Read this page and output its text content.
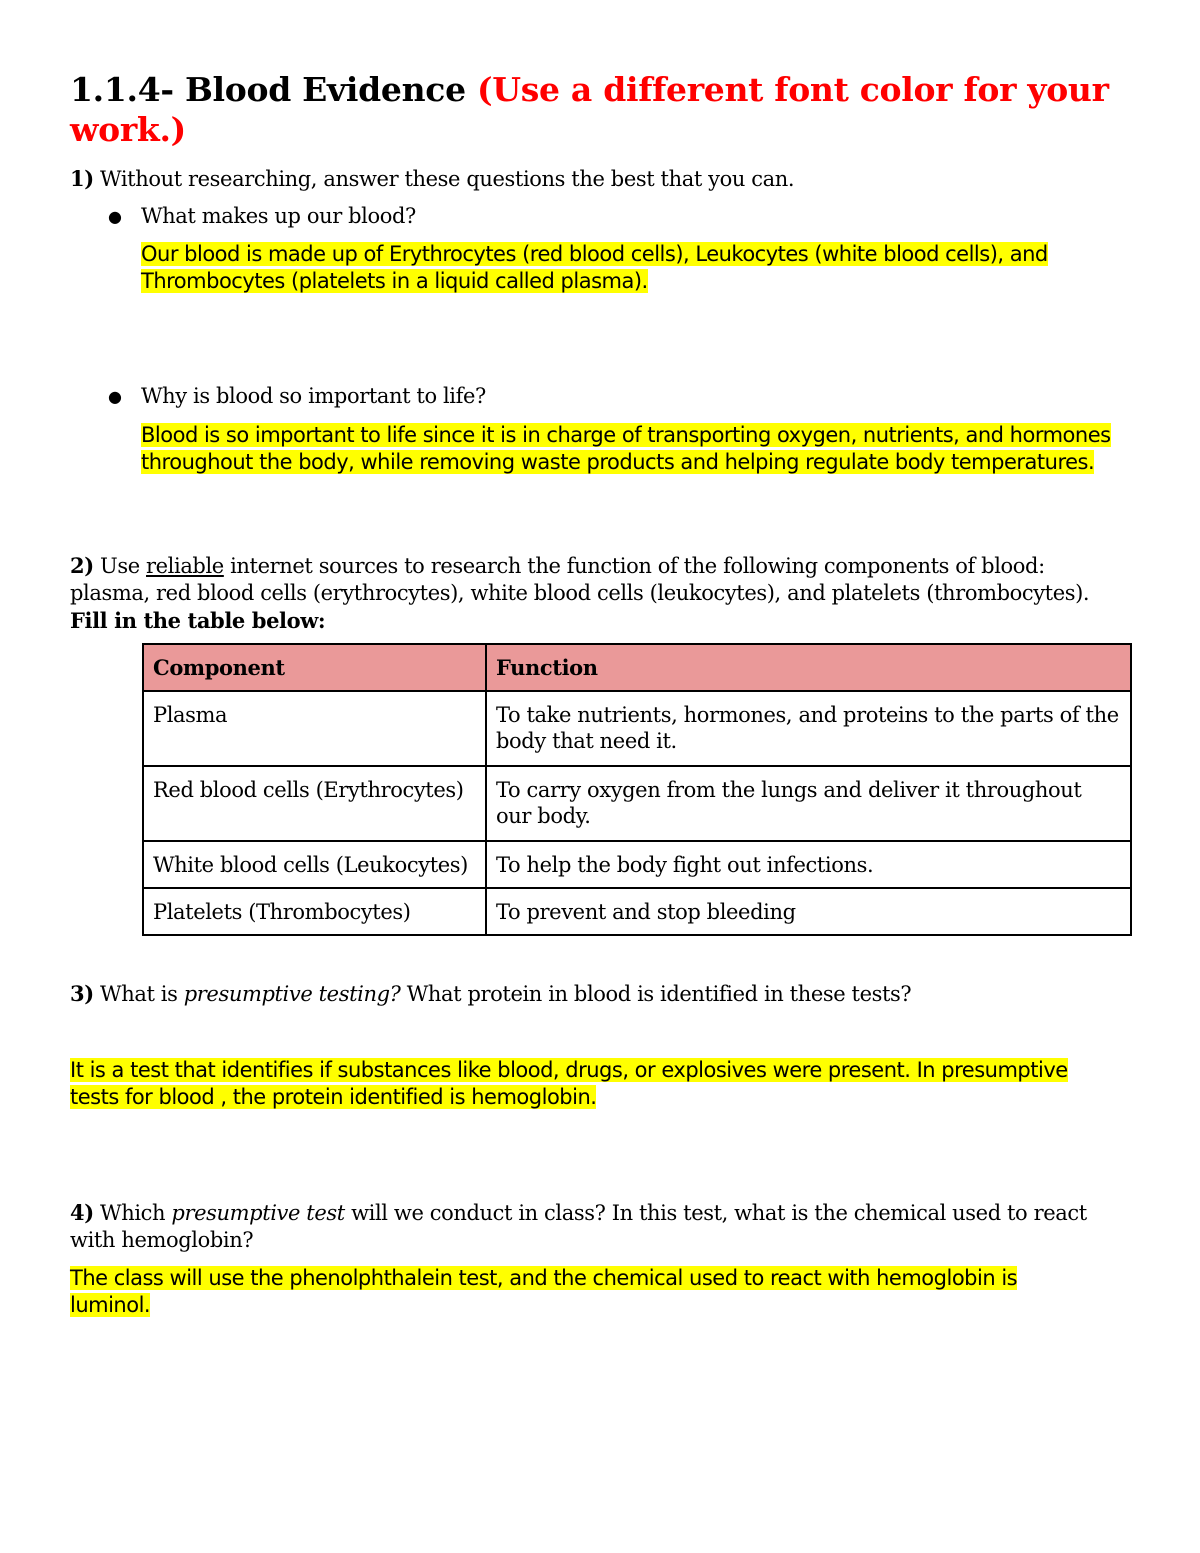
1.1.4- Blood Evidence (Use a different font color for your work.)

1) Without researching, answer these questions the best that you can.

● What makes up our blood?
Our blood is made up of Erythrocytes (red blood cells), Leukocytes (white blood cells), and Thrombocytes (platelets in a liquid called plasma).
● Why is blood so important to life?
Blood is so important to life since it is in charge of transporting oxygen, nutrients, and hormones throughout the body, while removing waste products and helping regulate body temperatures.

2) Use reliable internet sources to research the function of the following components of blood: plasma, red blood cells (erythrocytes), white blood cells (leukocytes), and platelets (thrombocytes).
Fill in the table below:

Component	Function
Plasma	To take nutrients, hormones, and proteins to the parts of the body that need it.
Red blood cells (Erythrocytes)	To carry oxygen from the lungs and deliver it throughout our body.
White blood cells (Leukocytes)	To help the body fight out infections.
Platelets (Thrombocytes)	To prevent and stop bleeding

3) What is presumptive testing? What protein in blood is identified in these tests?

It is a test that identifies if substances like blood, drugs, or explosives were present. In presumptive tests for blood , the protein identified is hemoglobin.

4) Which presumptive test will we conduct in class? In this test, what is the chemical used to react with hemoglobin?

The class will use the phenolphthalein test, and the chemical used to react with hemoglobin is luminol.
